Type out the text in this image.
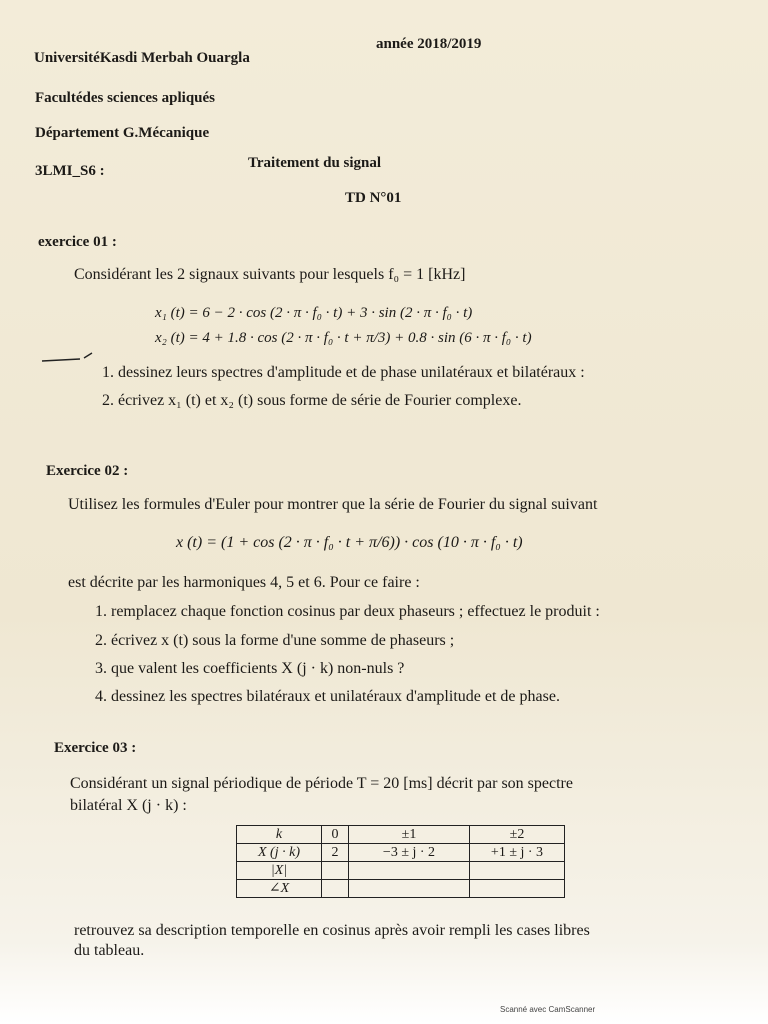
UniversitéKasdi Merbah Ouargla
année 2018/2019
Facultédes sciences apliqués
Département G.Mécanique
3LMI_S6 :	Traitement du signal
TD N°01
exercice 01 :
Considérant les 2 signaux suivants pour lesquels f₀ = 1 [kHz]
x₁ (t) = 6 − 2 · cos (2 · π · f₀ · t) + 3 · sin (2 · π · f₀ · t)
x₂ (t) = 4 + 1.8 · cos (2 · π · f₀ · t + π/3) + 0.8 · sin (6 · π · f₀ · t)
1. dessinez leurs spectres d'amplitude et de phase unilatéraux et bilatéraux :
2. écrivez x₁ (t) et x₂ (t) sous forme de série de Fourier complexe.
Exercice 02 :
Utilisez les formules d'Euler pour montrer que la série de Fourier du signal suivant
x (t) = (1 + cos (2 · π · f₀ · t + π/6)) · cos (10 · π · f₀ · t)
est décrite par les harmoniques 4, 5 et 6. Pour ce faire :
1. remplacez chaque fonction cosinus par deux phaseurs ; effectuez le produit :
2. écrivez x (t) sous la forme d'une somme de phaseurs ;
3. que valent les coefficients X (j · k) non-nuls ?
4. dessinez les spectres bilatéraux et unilatéraux d'amplitude et de phase.
Exercice 03 :
Considérant un signal périodique de période T = 20 [ms] décrit par son spectre
bilatéral X (j · k) :
k	0	±1	±2
X (j · k)	2	−3 ± j · 2	+1 ± j · 3
|X|			
∠X			
retrouvez sa description temporelle en cosinus après avoir rempli les cases libres
du tableau.
Scanné avec CamScanner
